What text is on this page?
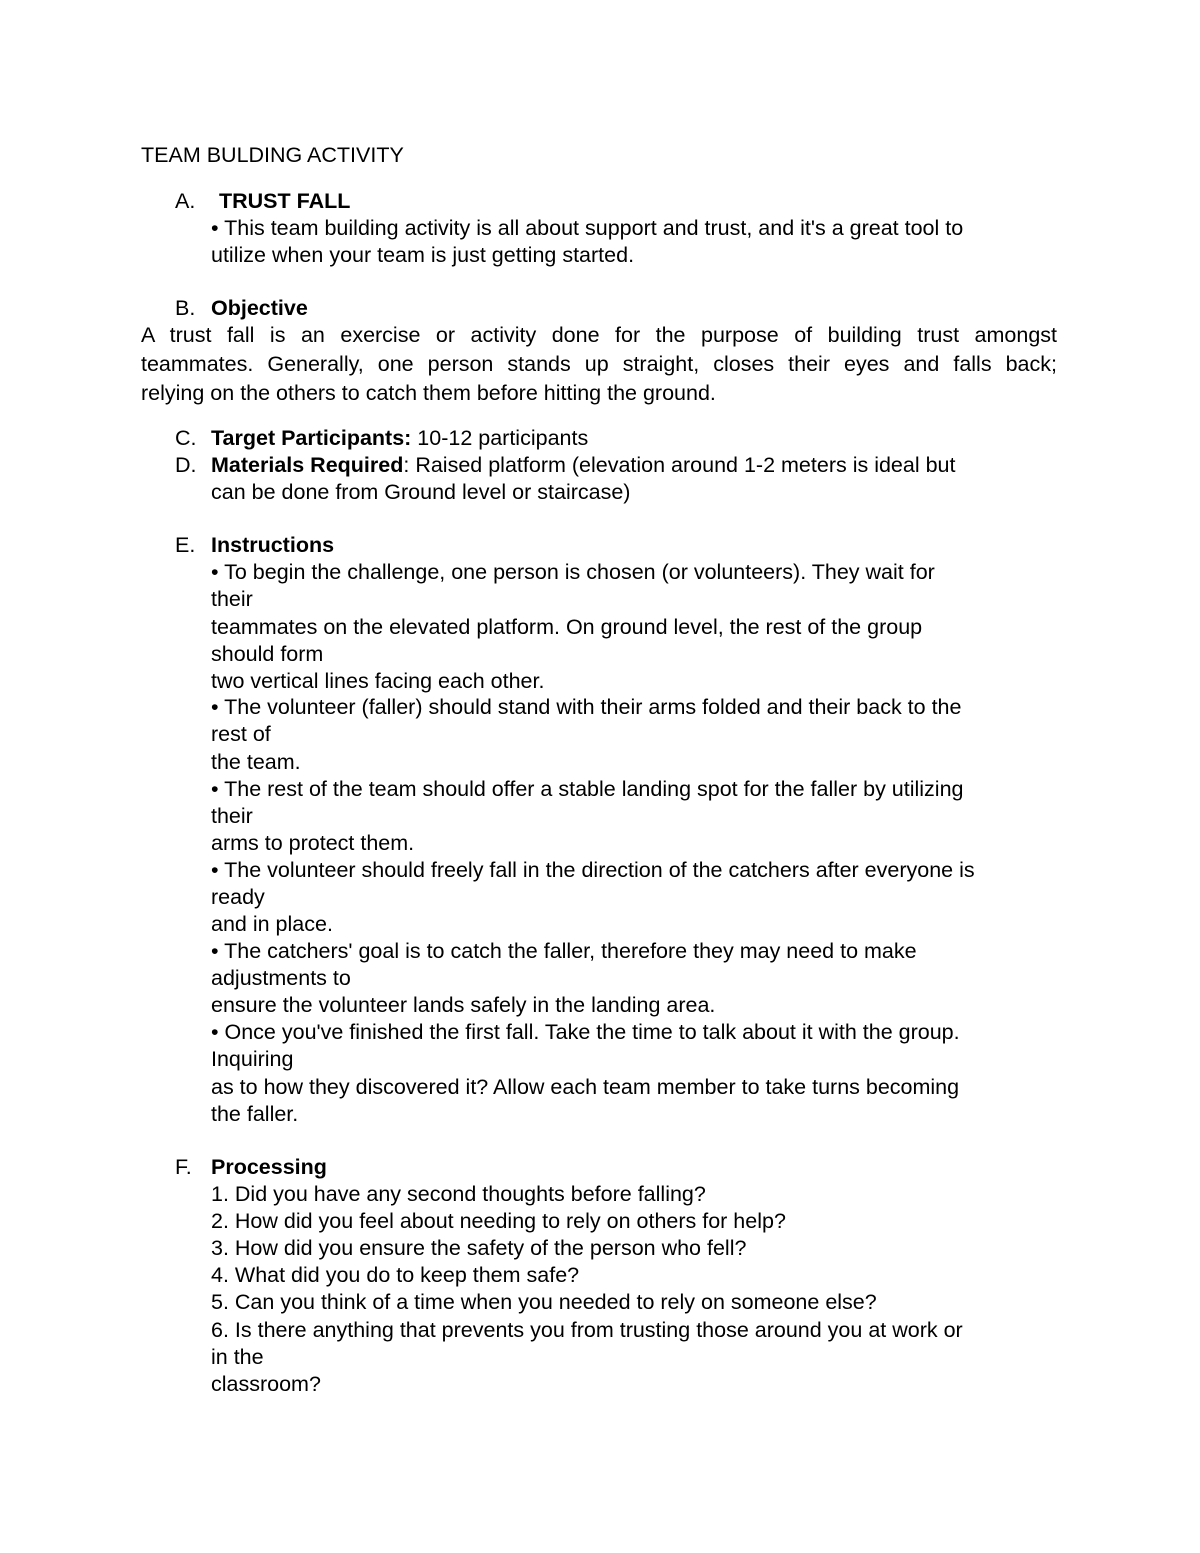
TEAM BULDING ACTIVITY
A. TRUST FALL
• This team building activity is all about support and trust, and it's a great tool to
utilize when your team is just getting started.
B. Objective
A trust fall is an exercise or activity done for the purpose of building trust amongst
teammates. Generally, one person stands up straight, closes their eyes and falls back;
relying on the others to catch them before hitting the ground.
C. Target Participants: 10-12 participants
D. Materials Required: Raised platform (elevation around 1-2 meters is ideal but
can be done from Ground level or staircase)
E. Instructions
• To begin the challenge, one person is chosen (or volunteers). They wait for
their
teammates on the elevated platform. On ground level, the rest of the group
should form
two vertical lines facing each other.
• The volunteer (faller) should stand with their arms folded and their back to the
rest of
the team.
• The rest of the team should offer a stable landing spot for the faller by utilizing
their
arms to protect them.
• The volunteer should freely fall in the direction of the catchers after everyone is
ready
and in place.
• The catchers' goal is to catch the faller, therefore they may need to make
adjustments to
ensure the volunteer lands safely in the landing area.
• Once you've finished the first fall. Take the time to talk about it with the group.
Inquiring
as to how they discovered it? Allow each team member to take turns becoming
the faller.
F. Processing
1. Did you have any second thoughts before falling?
2. How did you feel about needing to rely on others for help?
3. How did you ensure the safety of the person who fell?
4. What did you do to keep them safe?
5. Can you think of a time when you needed to rely on someone else?
6. Is there anything that prevents you from trusting those around you at work or
in the
classroom?
